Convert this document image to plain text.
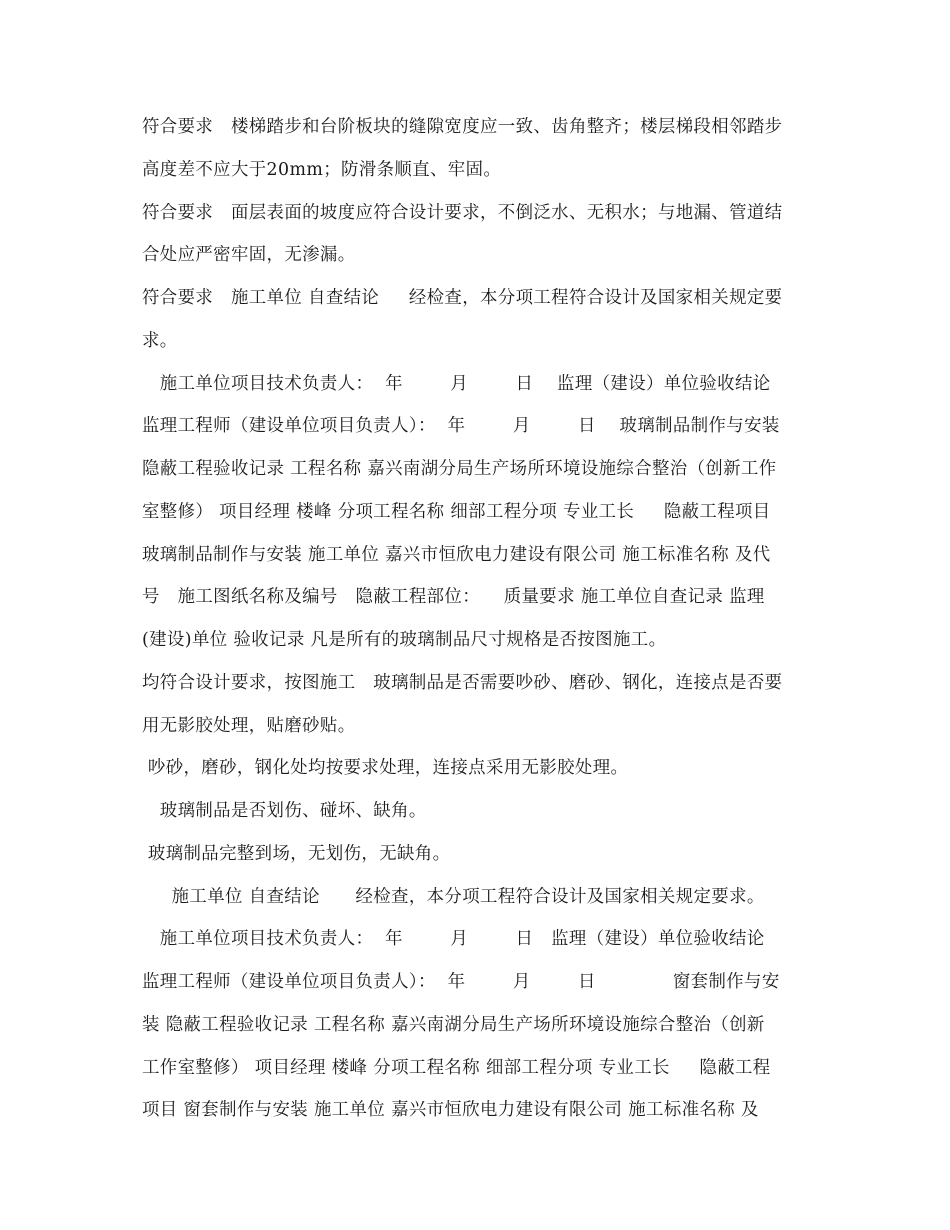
符合要求   楼梯踏步和台阶板块的缝隙宽度应一致、齿角整齐；楼层梯段相邻踏步
高度差不应大于20mm；防滑条顺直、牢固。
符合要求   面层表面的坡度应符合设计要求，不倒泛水、无积水；与地漏、管道结
合处应严密牢固，无渗漏。
符合要求   施工单位 自查结论     经检查，本分项工程符合设计及国家相关规定要
求。
施工单位项目技术负责人：  年        月        日    监理（建设）单位验收结论
监理工程师（建设单位项目负责人）：  年        月        日    玻璃制品制作与安装
隐蔽工程验收记录 工程名称 嘉兴南湖分局生产场所环境设施综合整治（创新工作
室整修） 项目经理 楼峰 分项工程名称 细部工程分项 专业工长     隐蔽工程项目
玻璃制品制作与安装 施工单位 嘉兴市恒欣电力建设有限公司 施工标准名称 及代
号   施工图纸名称及编号   隐蔽工程部位：    质量要求 施工单位自查记录 监理
(建设)单位 验收记录 凡是所有的玻璃制品尺寸规格是否按图施工。
均符合设计要求，按图施工   玻璃制品是否需要吵砂、磨砂、钢化，连接点是否要
用无影胶处理，贴磨砂贴。
吵砂，磨砂，钢化处均按要求处理，连接点采用无影胶处理。
玻璃制品是否划伤、碰坏、缺角。
玻璃制品完整到场，无划伤，无缺角。
施工单位 自查结论      经检查，本分项工程符合设计及国家相关规定要求。
施工单位项目技术负责人：  年        月        日   监理（建设）单位验收结论
监理工程师（建设单位项目负责人）：  年        月        日             窗套制作与安
装 隐蔽工程验收记录 工程名称 嘉兴南湖分局生产场所环境设施综合整治（创新
工作室整修） 项目经理 楼峰 分项工程名称 细部工程分项 专业工长     隐蔽工程
项目 窗套制作与安装 施工单位 嘉兴市恒欣电力建设有限公司 施工标准名称 及
